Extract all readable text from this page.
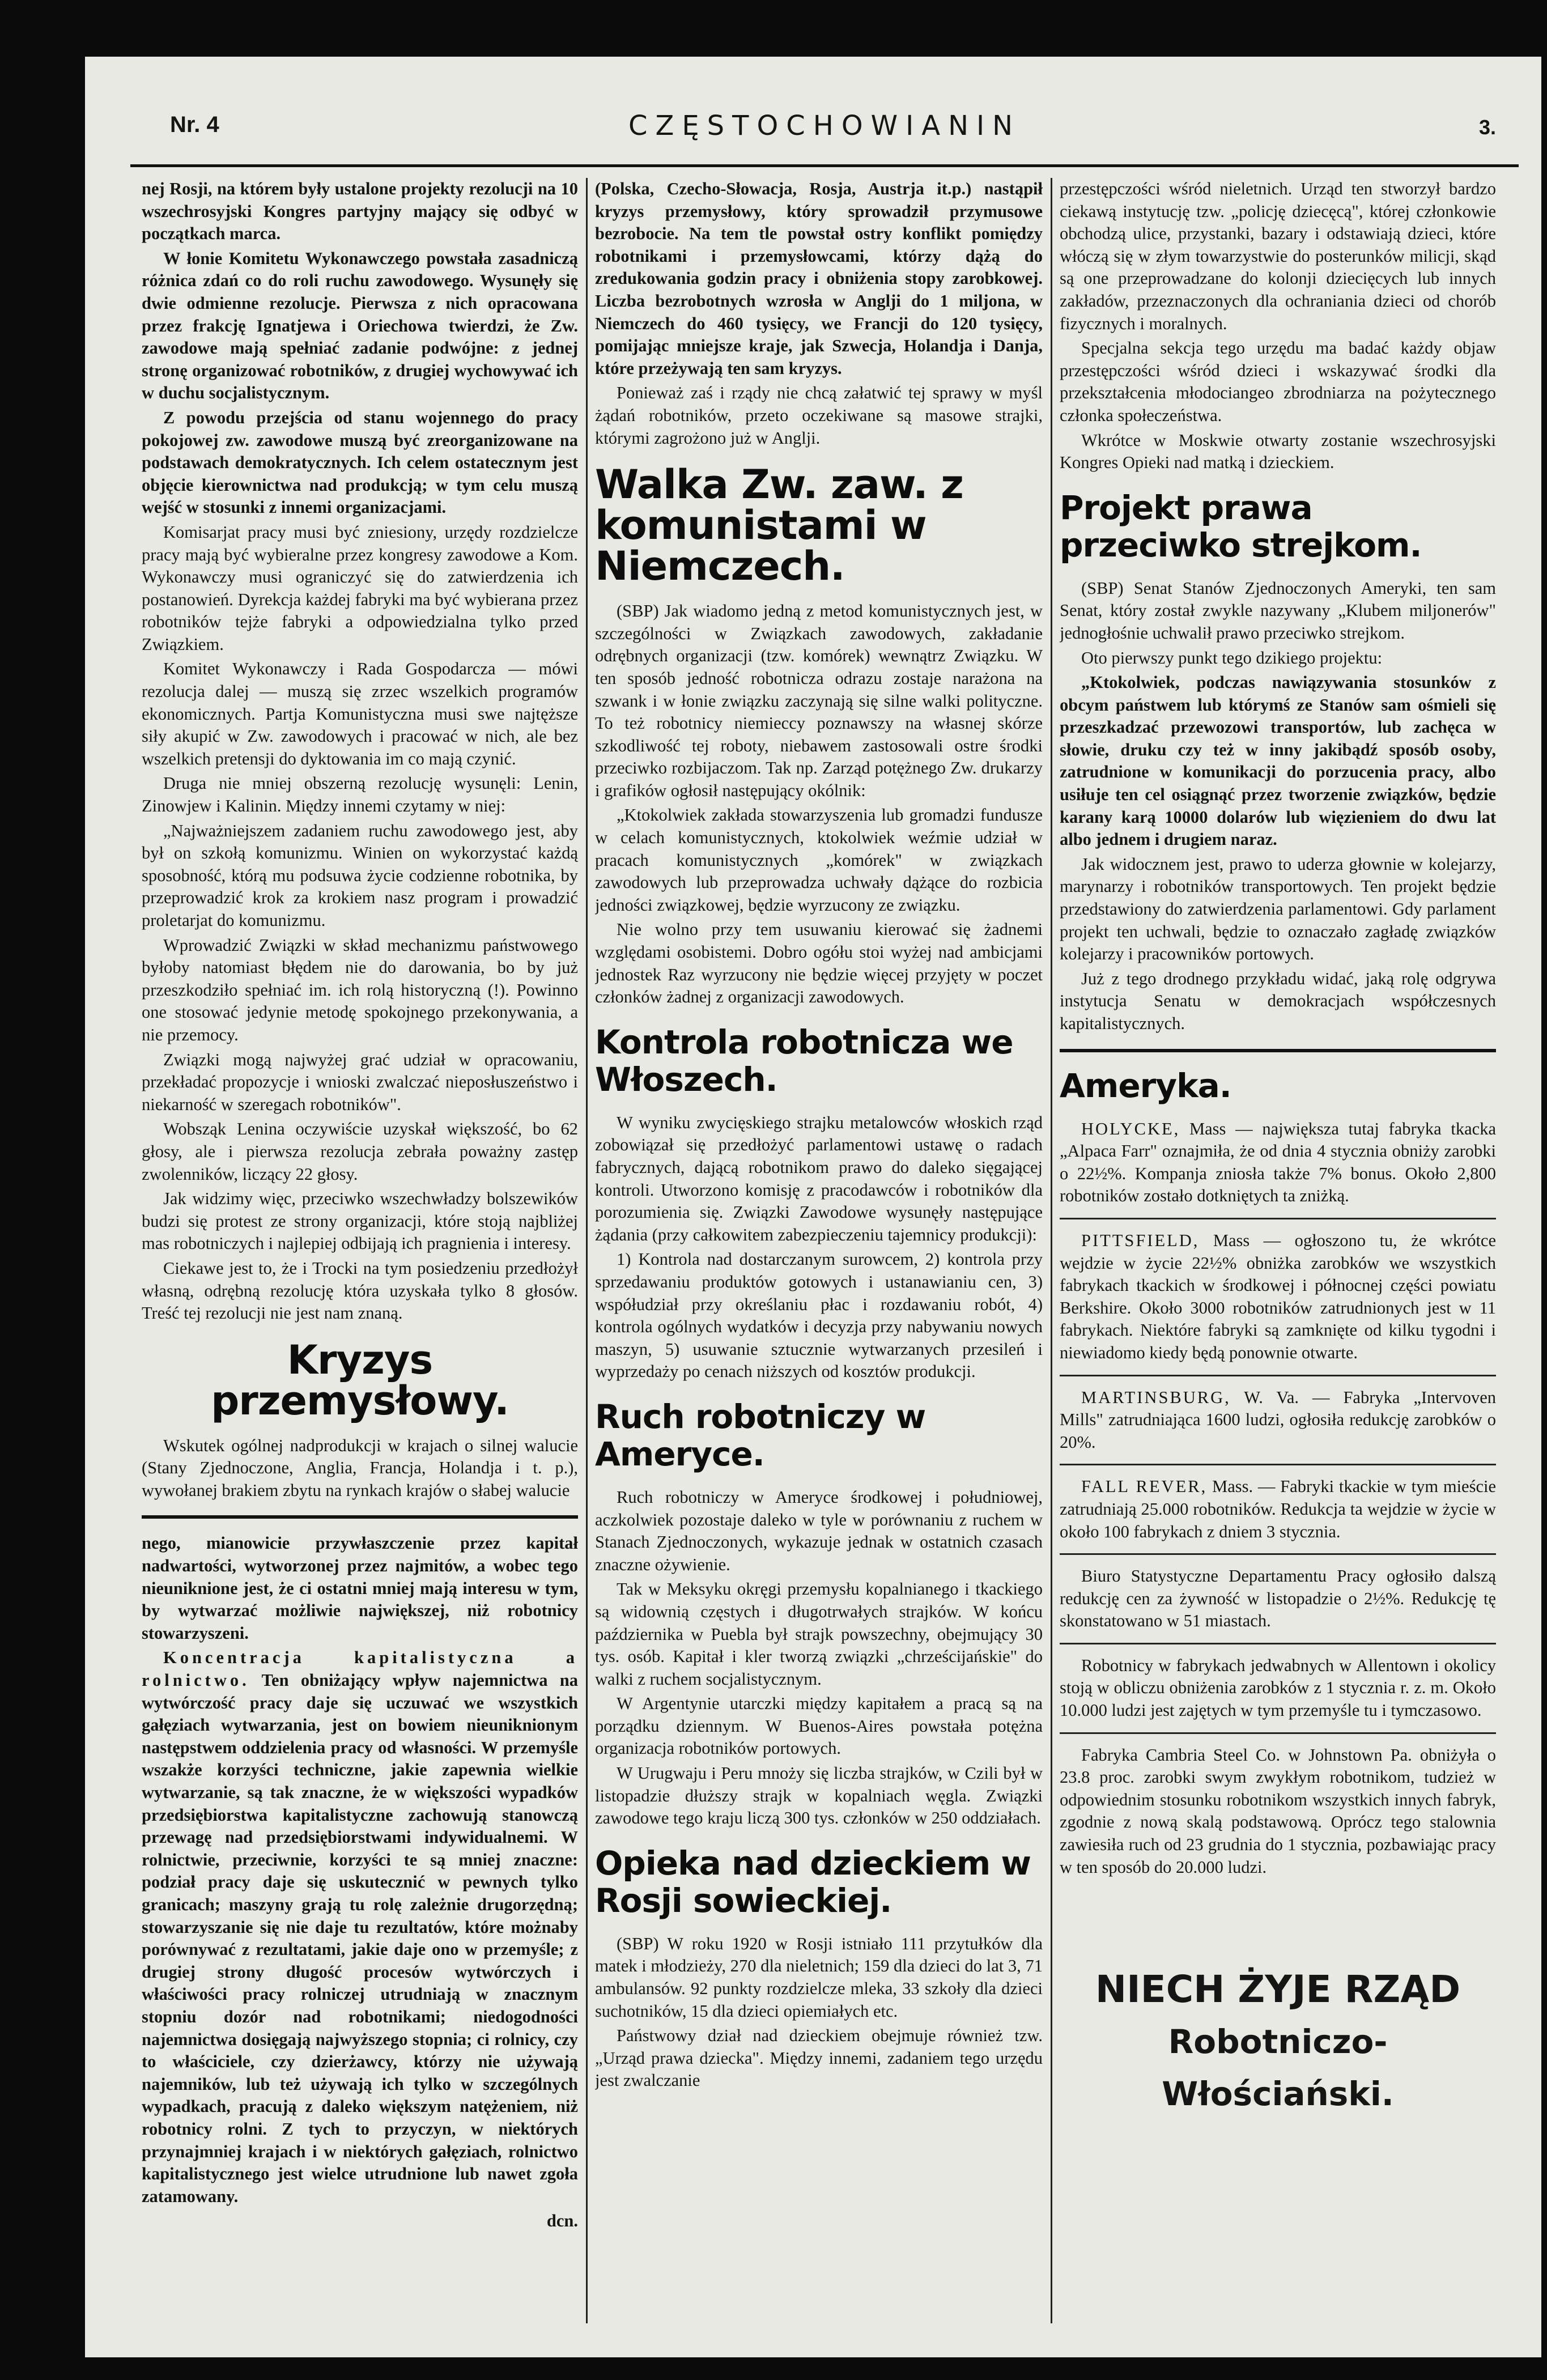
Nr. 4	CZĘSTOCHOWIANIN	3.

nej Rosji, na którem były ustalone projekty rezolucji na 10 wszechrosyjski Kongres partyjny mający się odbyć w początkach marca.

W łonie Komitetu Wykonawczego powstała zasadniczą różnica zdań co do roli ruchu zawodowego. Wysunęły się dwie odmienne rezolucje. Pierwsza z nich opracowana przez frakcję Ignatjewa i Oriechowa twierdzi, że Zw. zawodowe mają spełniać zadanie podwójne: z jednej stronę organizować robotników, z drugiej wychowywać ich w duchu socjalistycznym.

Z powodu przejścia od stanu wojennego do pracy pokojowej zw. zawodowe muszą być zreorganizowane na podstawach demokratycznych. Ich celem ostatecznym jest objęcie kierownictwa nad produkcją; w tym celu muszą wejść w stosunki z innemi organizacjami.

Komisarjat pracy musi być zniesiony, urzędy rozdzielcze pracy mają być wybieralne przez kongresy zawodowe a Kom. Wykonawczy musi ograniczyć się do zatwierdzenia ich postanowień. Dyrekcja każdej fabryki ma być wybierana przez robotników tejże fabryki a odpowiedzialna tylko przed Związkiem.

Komitet Wykonawczy i Rada Gospodarcza — mówi rezolucja dalej — muszą się zrzec wszelkich programów ekonomicznych. Partja Komunistyczna musi swe najtęższe siły akupić w Zw. zawodowych i pracować w nich, ale bez wszelkich pretensji do dyktowania im co mają czynić.

Druga nie mniej obszerną rezolucję wysunęli: Lenin, Zinowjew i Kalinin. Między innemi czytamy w niej:

„Najważniejszem zadaniem ruchu zawodowego jest, aby był on szkołą komunizmu. Winien on wykorzystać każdą sposobność, którą mu podsuwa życie codzienne robotnika, by przeprowadzić krok za krokiem nasz program i prowadzić proletarjat do komunizmu.

Wprowadzić Związki w skład mechanizmu państwowego byłoby natomiast błędem nie do darowania, bo by już przeszkodziło spełniać im. ich rolą historyczną (!). Powinno one stosować jedynie metodę spokojnego przekonywania, a nie przemocy.

Związki mogą najwyżej grać udział w opracowaniu, przekładać propozycje i wnioski zwalczać nieposłuszeństwo i niekarność w szeregach robotników".

Wobsząk Lenina oczywiście uzyskał większość, bo 62 głosy, ale i pierwsza rezolucja zebrała poważny zastęp zwolenników, liczący 22 głosy.

Jak widzimy więc, przeciwko wszechwładzy bolszewików budzi się protest ze strony organizacji, które stoją najbliżej mas robotniczych i najlepiej odbijają ich pragnienia i interesy.

Ciekawe jest to, że i Trocki na tym posiedzeniu przedłożył własną, odrębną rezolucję która uzyskała tylko 8 głosów. Treść tej rezolucji nie jest nam znaną.

Kryzys przemysłowy.

Wskutek ogólnej nadprodukcji w krajach o silnej walucie (Stany Zjednoczone, Anglia, Francja, Holandja i t. p.), wywołanej brakiem zbytu na rynkach krajów o słabej walucie

nego, mianowicie przywłaszczenie przez kapitał nadwartości, wytworzonej przez najmitów, a wobec tego nieuniknione jest, że ci ostatni mniej mają interesu w tym, by wytwarzać możliwie największej, niż robotnicy stowarzyszeni.

Koncentracja kapitalistyczna a rolnictwo. Ten obniżający wpływ najemnictwa na wytwórczość pracy daje się uczuwać we wszystkich gałęziach wytwarzania, jest on bowiem nieuniknionym następstwem oddzielenia pracy od własności. W przemyśle wszakże korzyści techniczne, jakie zapewnia wielkie wytwarzanie, są tak znaczne, że w większości wypadków przedsiębiorstwa kapitalistyczne zachowują stanowczą przewagę nad przedsiębiorstwami indywidualnemi. W rolnictwie, przeciwnie, korzyści te są mniej znaczne: podział pracy daje się uskutecznić w pewnych tylko granicach; maszyny grają tu rolę zależnie drugorzędną; stowarzyszanie się nie daje tu rezultatów, które możnaby porównywać z rezultatami, jakie daje ono w przemyśle; z drugiej strony długość procesów wytwórczych i właściwości pracy rolniczej utrudniają w znacznym stopniu dozór nad robotnikami; niedogodności najemnictwa dosięgają najwyższego stopnia; ci rolnicy, czy to właściciele, czy dzierżawcy, którzy nie używają najemników, lub też używają ich tylko w szczególnych wypadkach, pracują z daleko większym natężeniem, niż robotnicy rolni. Z tych to przyczyn, w niektórych przynajmniej krajach i w niektórych gałęziach, rolnictwo kapitalistycznego jest wielce utrudnione lub nawet zgoła zatamowany.

dcn.

(Polska, Czecho-Słowacja, Rosja, Austrja it.p.) nastąpił kryzys przemysłowy, który sprowadził przymusowe bezrobocie. Na tem tle powstał ostry konflikt pomiędzy robotnikami i przemysłowcami, którzy dążą do zredukowania godzin pracy i obniżenia stopy zarobkowej. Liczba bezrobotnych wzrosła w Anglji do 1 miljona, w Niemczech do 460 tysięcy, we Francji do 120 tysięcy, pomijając mniejsze kraje, jak Szwecja, Holandja i Danja, które przeżywają ten sam kryzys.

Ponieważ zaś i rządy nie chcą załatwić tej sprawy w myśl żądań robotników, przeto oczekiwane są masowe strajki, którymi zagrożono już w Anglji.

Walka Zw. zaw. z komunistami w Niemczech.

(SBP) Jak wiadomo jedną z metod komunistycznych jest, w szczególności w Związkach zawodowych, zakładanie odrębnych organizacji (tzw. komórek) wewnątrz Związku. W ten sposób jedność robotnicza odrazu zostaje narażona na szwank i w łonie związku zaczynają się silne walki polityczne. To też robotnicy niemieccy poznawszy na własnej skórze szkodliwość tej roboty, niebawem zastosowali ostre środki przeciwko rozbijaczom. Tak np. Zarząd potężnego Zw. drukarzy i grafików ogłosił następujący okólnik:

„Ktokolwiek zakłada stowarzyszenia lub gromadzi fundusze w celach komunistycznych, ktokolwiek weźmie udział w pracach komunistycznych „komórek" w związkach zawodowych lub przeprowadza uchwały dążące do rozbicia jedności związkowej, będzie wyrzucony ze związku.

Nie wolno przy tem usuwaniu kierować się żadnemi względami osobistemi. Dobro ogółu stoi wyżej nad ambicjami jednostek Raz wyrzucony nie będzie więcej przyjęty w poczet członków żadnej z organizacji zawodowych.

Kontrola robotnicza we Włoszech.

W wyniku zwycięskiego strajku metalowców włoskich rząd zobowiązał się przedłożyć parlamentowi ustawę o radach fabrycznych, dającą robotnikom prawo do daleko sięgającej kontroli. Utworzono komisję z pracodawców i robotników dla porozumienia się. Związki Zawodowe wysunęły następujące żądania (przy całkowitem zabezpieczeniu tajemnicy produkcji):

1) Kontrola nad dostarczanym surowcem, 2) kontrola przy sprzedawaniu produktów gotowych i ustanawianiu cen, 3) współudział przy określaniu płac i rozdawaniu robót, 4) kontrola ogólnych wydatków i decyzja przy nabywaniu nowych maszyn, 5) usuwanie sztucznie wytwarzanych przesileń i wyprzedaży po cenach niższych od kosztów produkcji.

Ruch robotniczy w Ameryce.

Ruch robotniczy w Ameryce środkowej i południowej, aczkolwiek pozostaje daleko w tyle w porównaniu z ruchem w Stanach Zjednoczonych, wykazuje jednak w ostatnich czasach znaczne ożywienie.

Tak w Meksyku okręgi przemysłu kopalnianego i tkackiego są widownią częstych i długotrwałych strajków. W końcu października w Puebla był strajk powszechny, obejmujący 30 tys. osób. Kapitał i kler tworzą związki „chrześcijańskie" do walki z ruchem socjalistycznym.

W Argentynie utarczki między kapitałem a pracą są na porządku dziennym. W Buenos-Aires powstała potężna organizacja robotników portowych.

W Urugwaju i Peru mnoży się liczba strajków, w Czili był w listopadzie dłuższy strajk w kopalniach węgla. Związki zawodowe tego kraju liczą 300 tys. członków w 250 oddziałach.

Opieka nad dzieckiem w Rosji sowieckiej.

(SBP) W roku 1920 w Rosji istniało 111 przytułków dla matek i młodzieży, 270 dla nieletnich; 159 dla dzieci do lat 3, 71 ambulansów. 92 punkty rozdzielcze mleka, 33 szkoły dla dzieci suchotników, 15 dla dzieci opiemiałych etc.

Państwowy dział nad dzieckiem obejmuje również tzw. „Urząd prawa dziecka". Między innemi, zadaniem tego urzędu jest zwalczanie

przestępczości wśród nieletnich. Urząd ten stworzył bardzo ciekawą instytucję tzw. „policję dziecęcą", której członkowie obchodzą ulice, przystanki, bazary i odstawiają dzieci, które włóczą się w złym towarzystwie do posterunków milicji, skąd są one przeprowadzane do kolonji dziecięcych lub innych zakładów, przeznaczonych dla ochraniania dzieci od chorób fizycznych i moralnych.

Specjalna sekcja tego urzędu ma badać każdy objaw przestępczości wśród dzieci i wskazywać środki dla przekształcenia młodociangeo zbrodniarza na pożytecznego członka społeczeństwa.

Wkrótce w Moskwie otwarty zostanie wszechrosyjski Kongres Opieki nad matką i dzieckiem.

Projekt prawa przeciwko strejkom.

(SBP) Senat Stanów Zjednoczonych Ameryki, ten sam Senat, który został zwykle nazywany „Klubem miljonerów" jednogłośnie uchwalił prawo przeciwko strejkom.

Oto pierwszy punkt tego dzikiego projektu:

„Ktokolwiek, podczas nawiązywania stosunków z obcym państwem lub którymś ze Stanów sam ośmieli się przeszkadzać przewozowi transportów, lub zachęca w słowie, druku czy też w inny jakibądź sposób osoby, zatrudnione w komunikacji do porzucenia pracy, albo usiłuje ten cel osiągnąć przez tworzenie związków, będzie karany karą 10000 dolarów lub więzieniem do dwu lat albo jednem i drugiem naraz.

Jak widocznem jest, prawo to uderza głownie w kolejarzy, marynarzy i robotników transportowych. Ten projekt będzie przedstawiony do zatwierdzenia parlamentowi. Gdy parlament projekt ten uchwali, będzie to oznaczało zagładę związków kolejarzy i pracowników portowych.

Już z tego drodnego przykładu widać, jaką rolę odgrywa instytucja Senatu w demokracjach współczesnych kapitalistycznych.

Ameryka.

HOLYCKE, Mass — największa tutaj fabryka tkacka „Alpaca Farr" oznajmiła, że od dnia 4 stycznia obniży zarobki o 22½%. Kompanja zniosła także 7% bonus. Około 2,800 robotników zostało dotkniętych ta zniżką.

PITTSFIELD, Mass — ogłoszono tu, że wkrótce wejdzie w życie 22½% obniżka zarobków we wszystkich fabrykach tkackich w środkowej i północnej części powiatu Berkshire. Około 3000 robotników zatrudnionych jest w 11 fabrykach. Niektóre fabryki są zamknięte od kilku tygodni i niewiadomo kiedy będą ponownie otwarte.

MARTINSBURG, W. Va. — Fabryka „Intervoven Mills" zatrudniająca 1600 ludzi, ogłosiła redukcję zarobków o 20%.

FALL REVER, Mass. — Fabryki tkackie w tym mieście zatrudniają 25.000 robotników. Redukcja ta wejdzie w życie w około 100 fabrykach z dniem 3 stycznia.

Biuro Statystyczne Departamentu Pracy ogłosiło dalszą redukcję cen za żywność w listopadzie o 2½%. Redukcję tę skonstatowano w 51 miastach.

Robotnicy w fabrykach jedwabnych w Allentown i okolicy stoją w obliczu obniżenia zarobków z 1 stycznia r. z. m. Około 10.000 ludzi jest zajętych w tym przemyśle tu i tymczasowo.

Fabryka Cambria Steel Co. w Johnstown Pa. obniżyła o 23.8 proc. zarobki swym zwykłym robotnikom, tudzież w odpowiednim stosunku robotnikom wszystkich innych fabryk, zgodnie z nową skalą podstawową. Oprócz tego stalownia zawiesiła ruch od 23 grudnia do 1 stycznia, pozbawiając pracy w ten sposób do 20.000 ludzi.

NIECH ŻYJE RZĄD
Robotniczo- Włościański.
